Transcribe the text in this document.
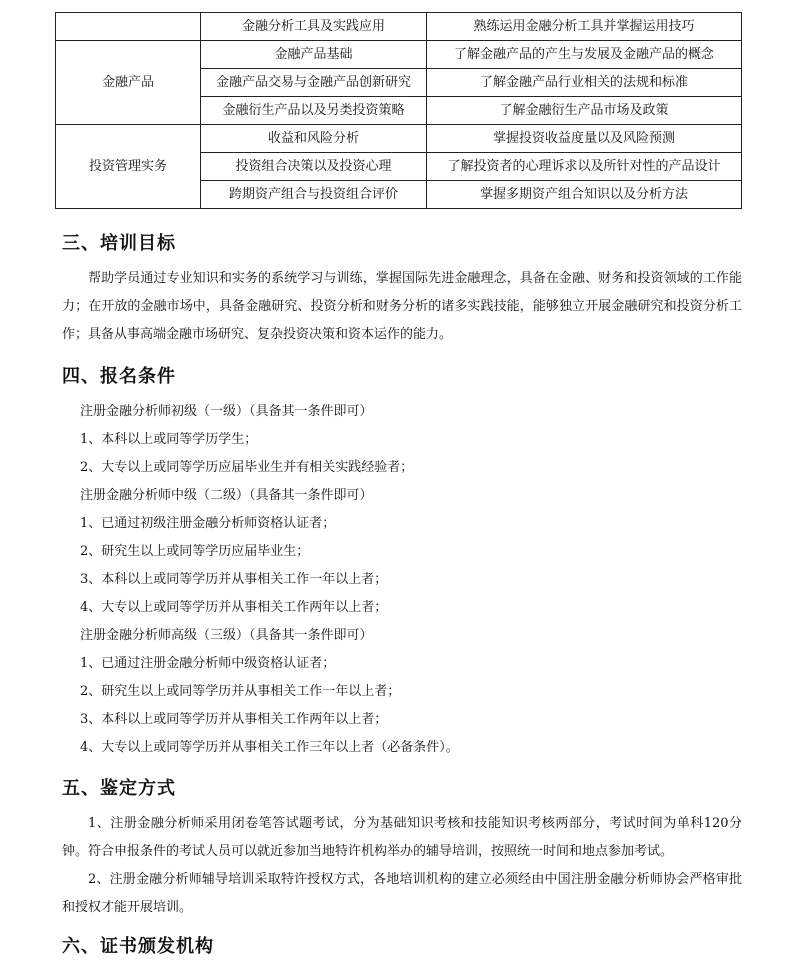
	金融分析工具及实践应用	熟练运用金融分析工具并掌握运用技巧
金融产品	金融产品基础	了解金融产品的产生与发展及金融产品的概念
	金融产品交易与金融产品创新研究	了解金融产品行业相关的法规和标准
	金融衍生产品以及另类投资策略	了解金融衍生产品市场及政策
投资管理实务	收益和风险分析	掌握投资收益度量以及风险预测
	投资组合决策以及投资心理	了解投资者的心理诉求以及所针对性的产品设计
	跨期资产组合与投资组合评价	掌握多期资产组合知识以及分析方法
三、培训目标

帮助学员通过专业知识和实务的系统学习与训练，掌握国际先进金融理念，具备在金融、财务和投资领域的工作能力；在开放的金融市场中，具备金融研究、投资分析和财务分析的诸多实践技能，能够独立开展金融研究和投资分析工作；具备从事高端金融市场研究、复杂投资决策和资本运作的能力。

四、报名条件
注册金融分析师初级（一级）（具备其一条件即可）
1、本科以上或同等学历学生；
2、大专以上或同等学历应届毕业生并有相关实践经验者；
注册金融分析师中级（二级）（具备其一条件即可）
1、已通过初级注册金融分析师资格认证者；
2、研究生以上或同等学历应届毕业生；
3、本科以上或同等学历并从事相关工作一年以上者；
4、大专以上或同等学历并从事相关工作两年以上者；
注册金融分析师高级（三级）（具备其一条件即可）
1、已通过注册金融分析师中级资格认证者；
2、研究生以上或同等学历并从事相关工作一年以上者；
3、本科以上或同等学历并从事相关工作两年以上者；
4、大专以上或同等学历并从事相关工作三年以上者（必备条件）。
五、鉴定方式

1、注册金融分析师采用闭卷笔答试题考试，分为基础知识考核和技能知识考核两部分，考试时间为单科120分钟。符合申报条件的考试人员可以就近参加当地特许机构举办的辅导培训，按照统一时间和地点参加考试。

2、注册金融分析师辅导培训采取特许授权方式，各地培训机构的建立必须经由中国注册金融分析师协会严格审批和授权才能开展培训。

六、证书颁发机构
